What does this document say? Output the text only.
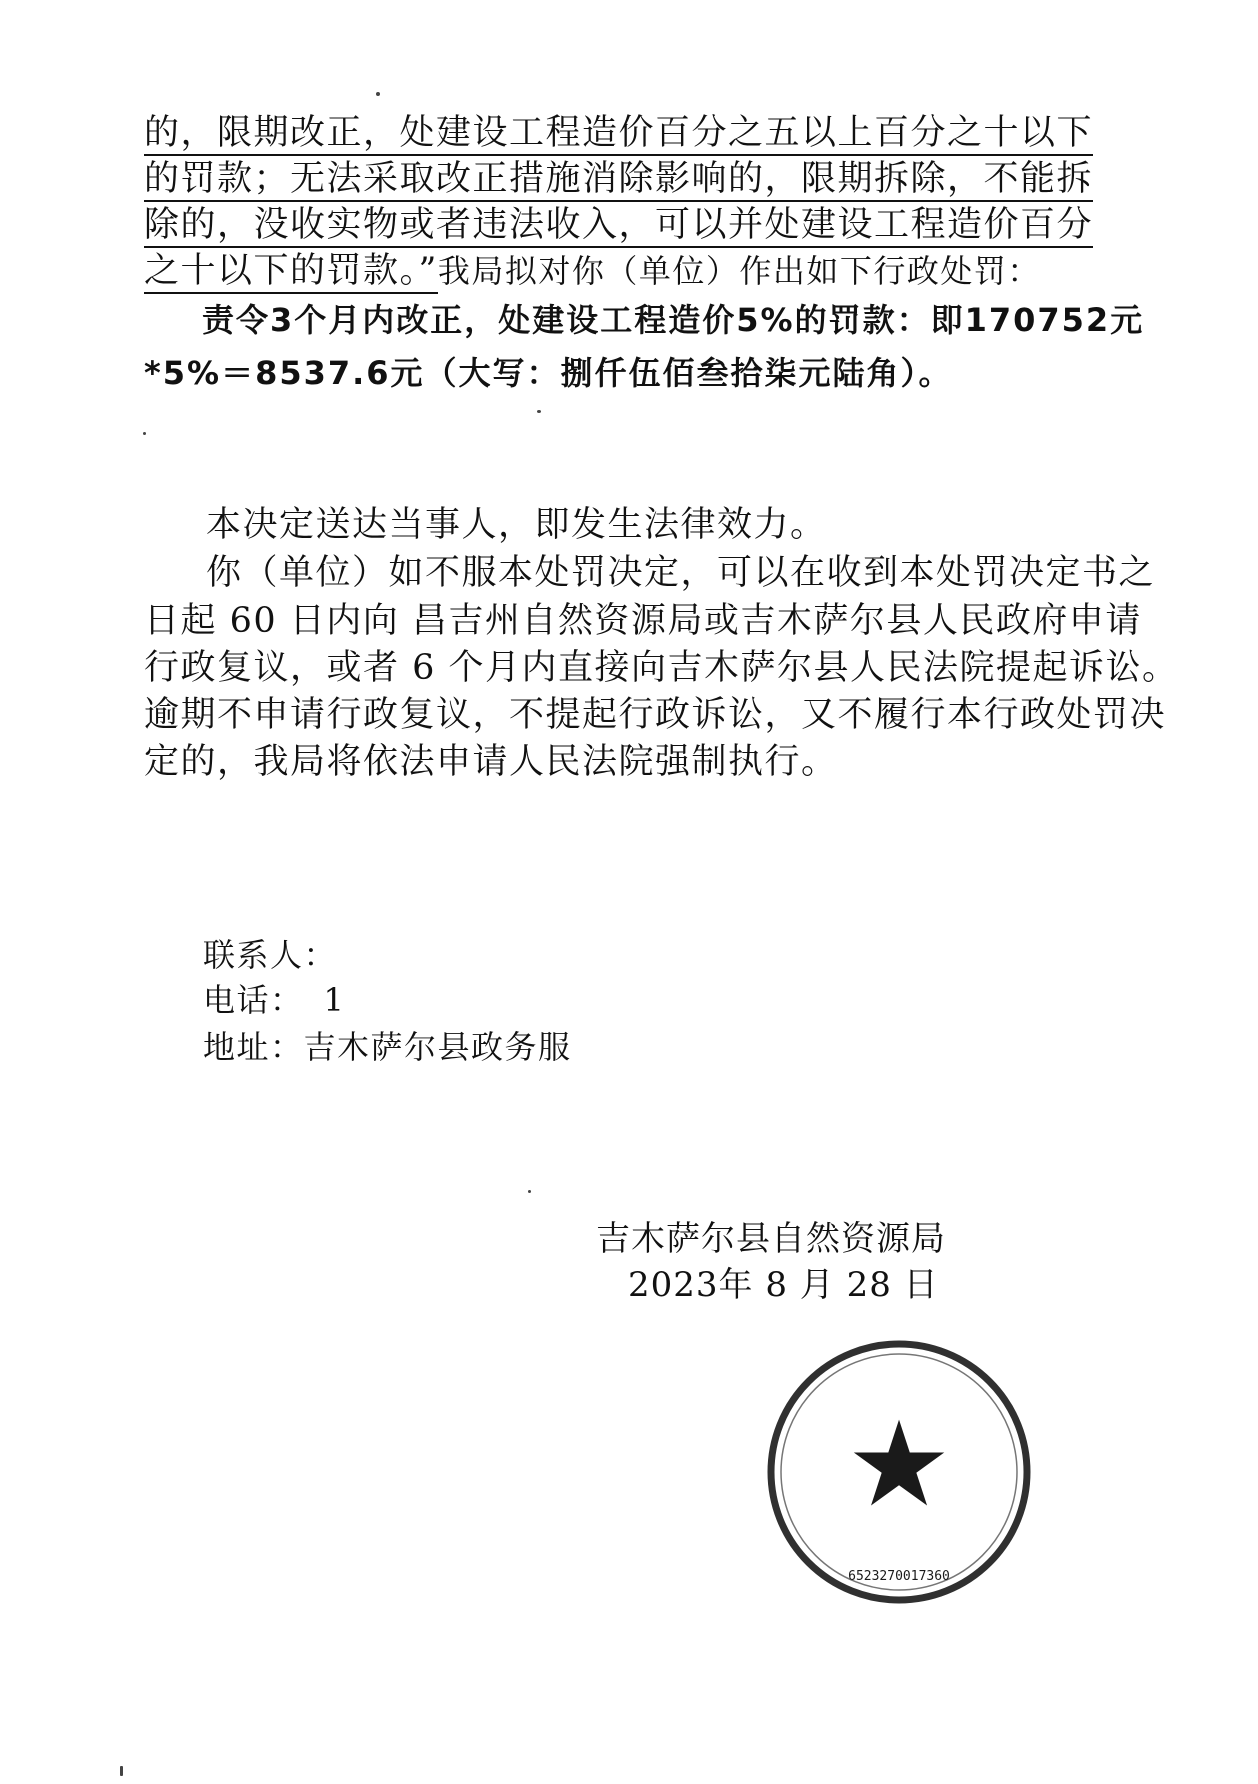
的，限期改正，处建设工程造价百分之五以上百分之十以下
的罚款；无法采取改正措施消除影响的，限期拆除，不能拆
除的，没收实物或者违法收入，可以并处建设工程造价百分
之十以下的罚款。”我局拟对你（单位）作出如下行政处罚：
责令3个月内改正，处建设工程造价5%的罚款：即170752元
*5%＝8537.6元（大写：捌仟伍佰叁拾柒元陆角）。
本决定送达当事人，即发生法律效力。
你（单位）如不服本处罚决定，可以在收到本处罚决定书之
日起 60 日内向 昌吉州自然资源局或吉木萨尔县人民政府申请
行政复议，或者 6 个月内直接向吉木萨尔县人民法院提起诉讼。
逾期不申请行政复议，不提起行政诉讼，又不履行本行政处罚决
定的，我局将依法申请人民法院强制执行。
联系人：
电话： 1
地址：吉木萨尔县政务服
吉木萨尔县自然资源局
2023年 8 月 28 日
★
6523270017360
